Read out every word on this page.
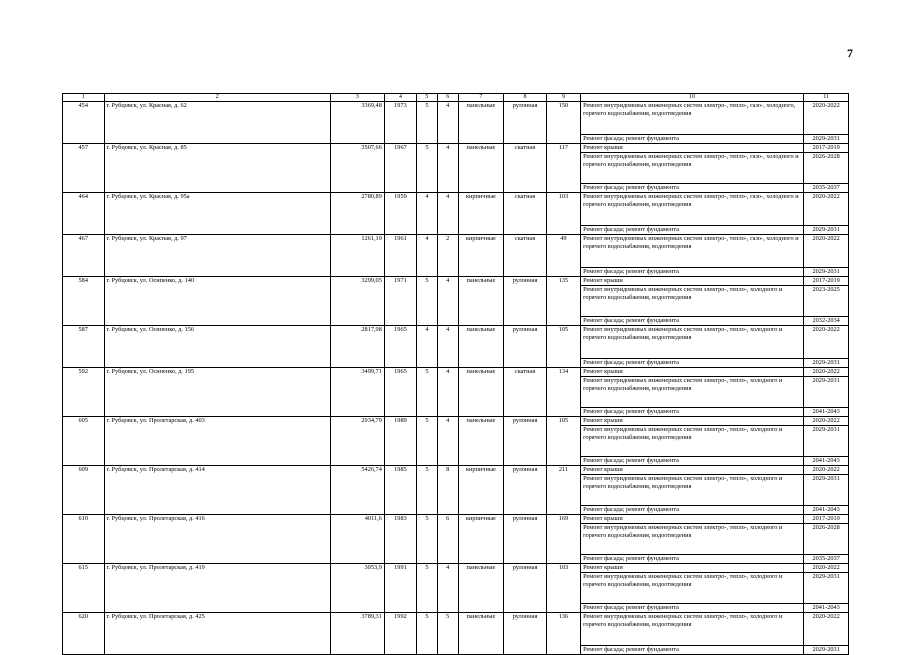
7
1	2	3	4	5	6	7	8	9	10	11
454	г. Рубцовск, ул. Красная, д. 62	3369,48	1973	5	4	панельные	рулонная	150	Ремонт внутридомовых инженерных систем электро-, тепло-, газо-, холодного, горячего водоснабжения, водоотведения	2020-2022
									Ремонт фасада; ремонт фундамента	2029-2031
457	г. Рубцовск, ул. Красная, д. 85	3507,66	1967	5	4	панельные	скатная	117	Ремонт крыши	2017-2019
									Ремонт внутридомовых инженерных систем электро-, тепло-, газо-, холодного и горячего водоснабжения, водоотведения	2026-2028
									Ремонт фасада; ремонт фундамента	2035-2037
464	г. Рубцовск, ул. Красная, д. 95а	2780,89	1959	4	4	кирпичные	скатная	103	Ремонт внутридомовых инженерных систем электро-, тепло-, газо-, холодного и горячего водоснабжения, водоотведения	2020-2022
									Ремонт фасада; ремонт фундамента	2029-2031
467	г. Рубцовск, ул. Красная, д. 97	1261,19	1961	4	2	кирпичные	скатная	49	Ремонт внутридомовых инженерных систем электро-, тепло-, газо-, холодного и горячего водоснабжения, водоотведения	2020-2022
									Ремонт фасада; ремонт фундамента	2029-2031
584	г. Рубцовск, ул. Осипенко, д. 140	3299,05	1971	5	4	панельные	рулонная	135	Ремонт крыши	2017-2019
									Ремонт внутридомовых инженерных систем электро-, тепло-, холодного и горячего водоснабжения, водоотведения	2023-2025
									Ремонт фасада; ремонт фундамента	2032-2034
587	г. Рубцовск, ул. Осипенко, д. 156	2817,98	1965	4	4	панельные	рулонная	105	Ремонт внутридомовых инженерных систем электро-, тепло-, холодного и горячего водоснабжения, водоотведения	2020-2022
									Ремонт фасада; ремонт фундамента	2029-2031
592	г. Рубцовск, ул. Осипенко, д. 195	3499,71	1965	5	4	панельные	скатная	134	Ремонт крыши	2020-2022
									Ремонт внутридомовых инженерных систем электро-, тепло-, холодного и горячего водоснабжения, водоотведения	2029-2031
									Ремонт фасада; ремонт фундамента	2041-2043
605	г. Рубцовск, ул. Пролетарская, д. 403	2934,79	1989	5	4	панельные	рулонная	105	Ремонт крыши	2020-2022
									Ремонт внутридомовых инженерных систем электро-, тепло-, холодного и горячего водоснабжения, водоотведения	2029-2031
									Ремонт фасада; ремонт фундамента	2041-2043
609	г. Рубцовск, ул. Пролетарская, д. 414	5426,74	1985	5	8	кирпичные	рулонная	211	Ремонт крыши	2020-2022
									Ремонт внутридомовых инженерных систем электро-, тепло-, холодного и горячего водоснабжения, водоотведения	2029-2031
									Ремонт фасада; ремонт фундамента	2041-2043
610	г. Рубцовск, ул. Пролетарская, д. 416	4011,6	1983	5	6	кирпичные	рулонная	169	Ремонт крыши	2017-2019
									Ремонт внутридомовых инженерных систем электро-, тепло-, холодного и горячего водоснабжения, водоотведения	2026-2028
									Ремонт фасада; ремонт фундамента	2035-2037
615	г. Рубцовск, ул. Пролетарская, д. 419	3053,9	1991	5	4	панельные	рулонная	103	Ремонт крыши	2020-2022
									Ремонт внутридомовых инженерных систем электро-, тепло-, холодного и горячего водоснабжения, водоотведения	2029-2031
									Ремонт фасада; ремонт фундамента	2041-2043
620	г. Рубцовск, ул. Пролетарская, д. 425	3789,31	1992	5	5	панельные	рулонная	136	Ремонт внутридомовых инженерных систем электро-, тепло-, холодного и горячего водоснабжения, водоотведения	2020-2022
									Ремонт фасада; ремонт фундамента	2029-2031
